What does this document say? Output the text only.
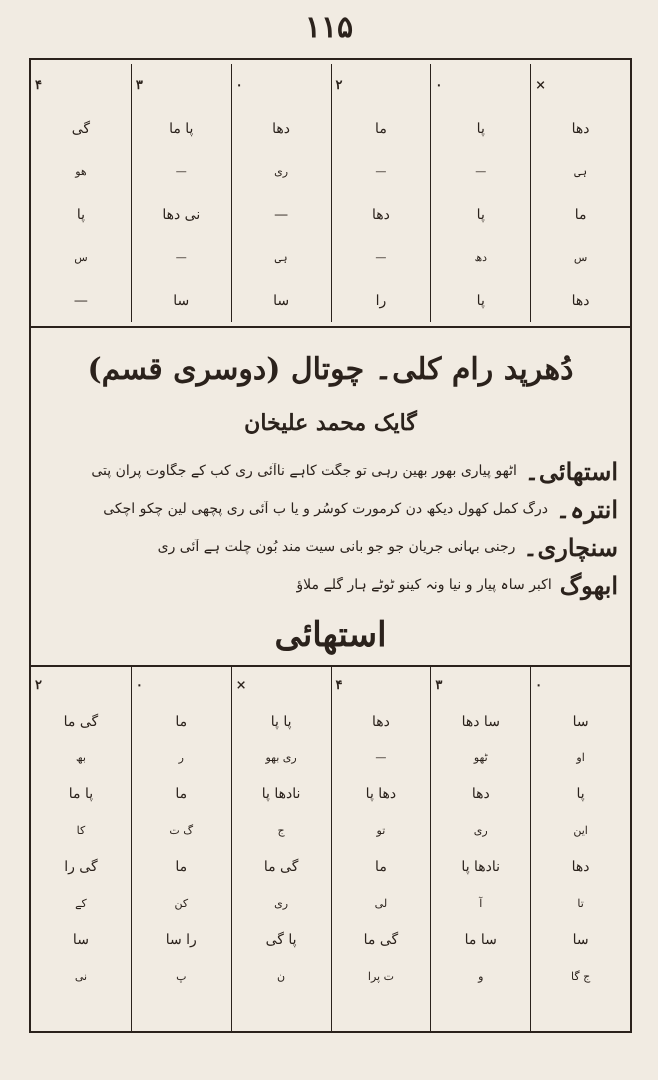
۱۱۵
×
دھا
ہی
ما
س
دھا
۰
پا
—
پا
دھ
پا
۲
ما
—
دھا
—
را
۰
دھا
ری
—
ہی
سا
۳
پا ما
—
نی دھا
—
سا
۴
گی
ھو
پا
س
—
دُھرپد رام کلی۔ چوتال (دوسری قسم)
گایک محمد علیخان
استھائی۔
اٹھو پیاری بھور بھین رہی تو جگت کاہے ناآئی ری کب کے جگاوت پران پتی
انترہ۔
درگ کمل کھول دیکھ دن کرمورت کوسُر و یا ب آئی ری پچھی لین چکو اچکی
سنچاری۔
رجنی بہانی جریان جو جو بانی سیت مند بُون چلت ہے آئی ری
ابھوگ
اکبر ساہ پیار و نیا ونہ کینو ٹوٹے ہار گلے ملاؤ
استھائی
۰
سا
او
پا
این
دھا
تا
سا
ج گا
۳
سا دھا
ٹھو
دھا
ری
نادھا پا
آ
سا ما
و
۴
دھا
—
دھا پا
تو
ما
لی
گی ما
ت پرا
×
پا پا
ری بھو
نادھا پا
ج
گی ما
ری
پا گی
ن
۰
ما
ر
ما
گ ت
ما
کن
را سا
پ
۲
گی ما
بھ
پا ما
کا
گی را
کے
سا
نی
